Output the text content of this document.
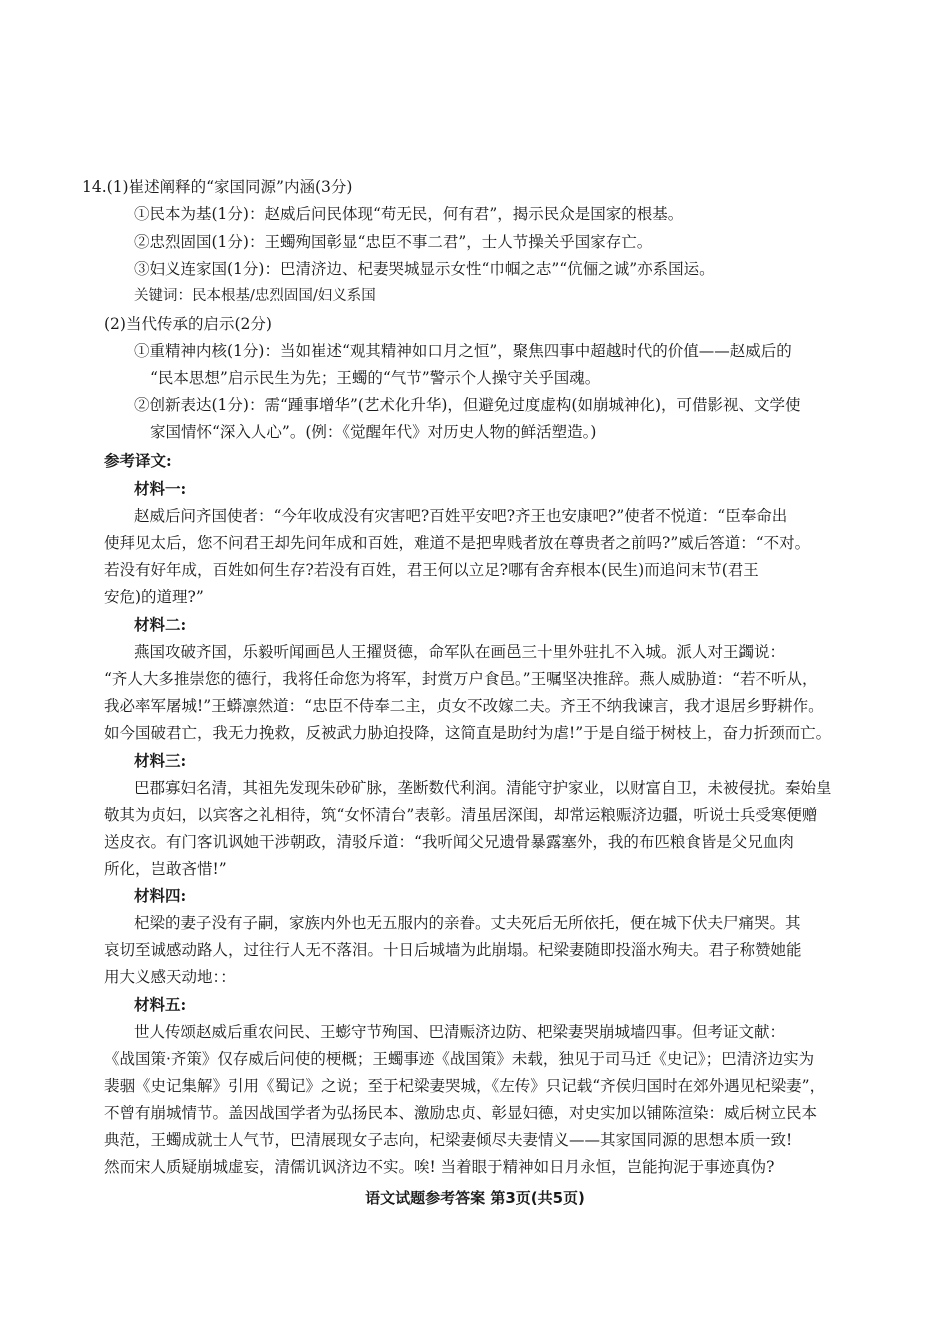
14.(1)崔述阐释的“家国同源”内涵(3分)
①民本为基(1分)：赵威后问民体现“苟无民，何有君”，揭示民众是国家的根基。
②忠烈固国(1分)：王蠋殉国彰显“忠臣不事二君”，士人节操关乎国家存亡。
③妇义连家国(1分)：巴清济边、杞妻哭城显示女性“巾帼之志”“伉俪之诚”亦系国运。
关键词：民本根基/忠烈固国/妇义系国
(2)当代传承的启示(2分)
①重精神内核(1分)：当如崔述“观其精神如口月之恒”，聚焦四事中超越时代的价值——赵威后的
“民本思想”启示民生为先；王蠋的“气节”警示个人操守关乎国魂。
②创新表达(1分)：需“踵事增华”(艺术化升华)，但避免过度虚构(如崩城神化)，可借影视、文学使
家国情怀“深入人心”。(例：《觉醒年代》对历史人物的鲜活塑造。)
参考译文:
材料一:
赵威后问齐国使者：“今年收成没有灾害吧?百姓平安吧?齐王也安康吧?”使者不悦道：“臣奉命出
使拜见太后，您不问君王却先问年成和百姓，难道不是把卑贱者放在尊贵者之前吗?”威后答道：“不对。
若没有好年成，百姓如何生存?若没有百姓，君王何以立足?哪有舍弃根本(民生)而追问末节(君王
安危)的道理?”
材料二:
燕国攻破齐国，乐毅听闻画邑人王擢贤德，命军队在画邑三十里外驻扎不入城。派人对王蠲说：
“齐人大多推崇您的德行，我将任命您为将军，封赏万户食邑。”王嘱坚决推辞。燕人威胁道：“若不听从，
我必率军屠城!”王蟒凛然道：“忠臣不侍奉二主，贞女不改嫁二夫。齐王不纳我谏言，我才退居乡野耕作。
如今国破君亡，我无力挽救，反被武力胁迫投降，这简直是助纣为虐!”于是自缢于树枝上，奋力折颈而亡。
材料三:
巴郡寡妇名清，其祖先发现朱砂矿脉，垄断数代利润。清能守护家业，以财富自卫，未被侵扰。秦始皇
敬其为贞妇，以宾客之礼相待，筑“女怀清台”表彰。清虽居深闺，却常运粮赈济边疆，听说士兵受寒便赠
送皮衣。有门客讥讽她干涉朝政，清驳斥道：“我听闻父兄遗骨暴露塞外，我的布匹粮食皆是父兄血肉
所化，岂敢吝惜!”
材料四:
杞梁的妻子没有子嗣，家族内外也无五服内的亲眷。丈夫死后无所依托，便在城下伏夫尸痛哭。其
哀切至诚感动路人，过往行人无不落泪。十日后城墙为此崩塌。杞梁妻随即投淄水殉夫。君子称赞她能
用大义感天动地：：
材料五:
世人传颂赵威后重农问民、王蟛守节殉国、巴清赈济边防、杷梁妻哭崩城墙四事。但考证文献：
《战国策·齐策》仅存威后问使的梗概；王蠋事迹《战国策》未载，独见于司马迁《史记》；巴清济边实为
裴骃《史记集解》引用《蜀记》之说；至于杞梁妻哭城，《左传》只记载“齐侯归国时在郊外遇见杞梁妻”，
不曾有崩城情节。盖因战国学者为弘扬民本、激励忠贞、彰显妇德，对史实加以铺陈渲染：威后树立民本
典范，王蠋成就士人气节，巴清展现女子志向，杞梁妻倾尽夫妻情义——其家国同源的思想本质一致!
然而宋人质疑崩城虚妄，清儒讥讽济边不实。唉! 当着眼于精神如日月永恒，岂能拘泥于事迹真伪?
语文试题参考答案 第3页(共5页)
